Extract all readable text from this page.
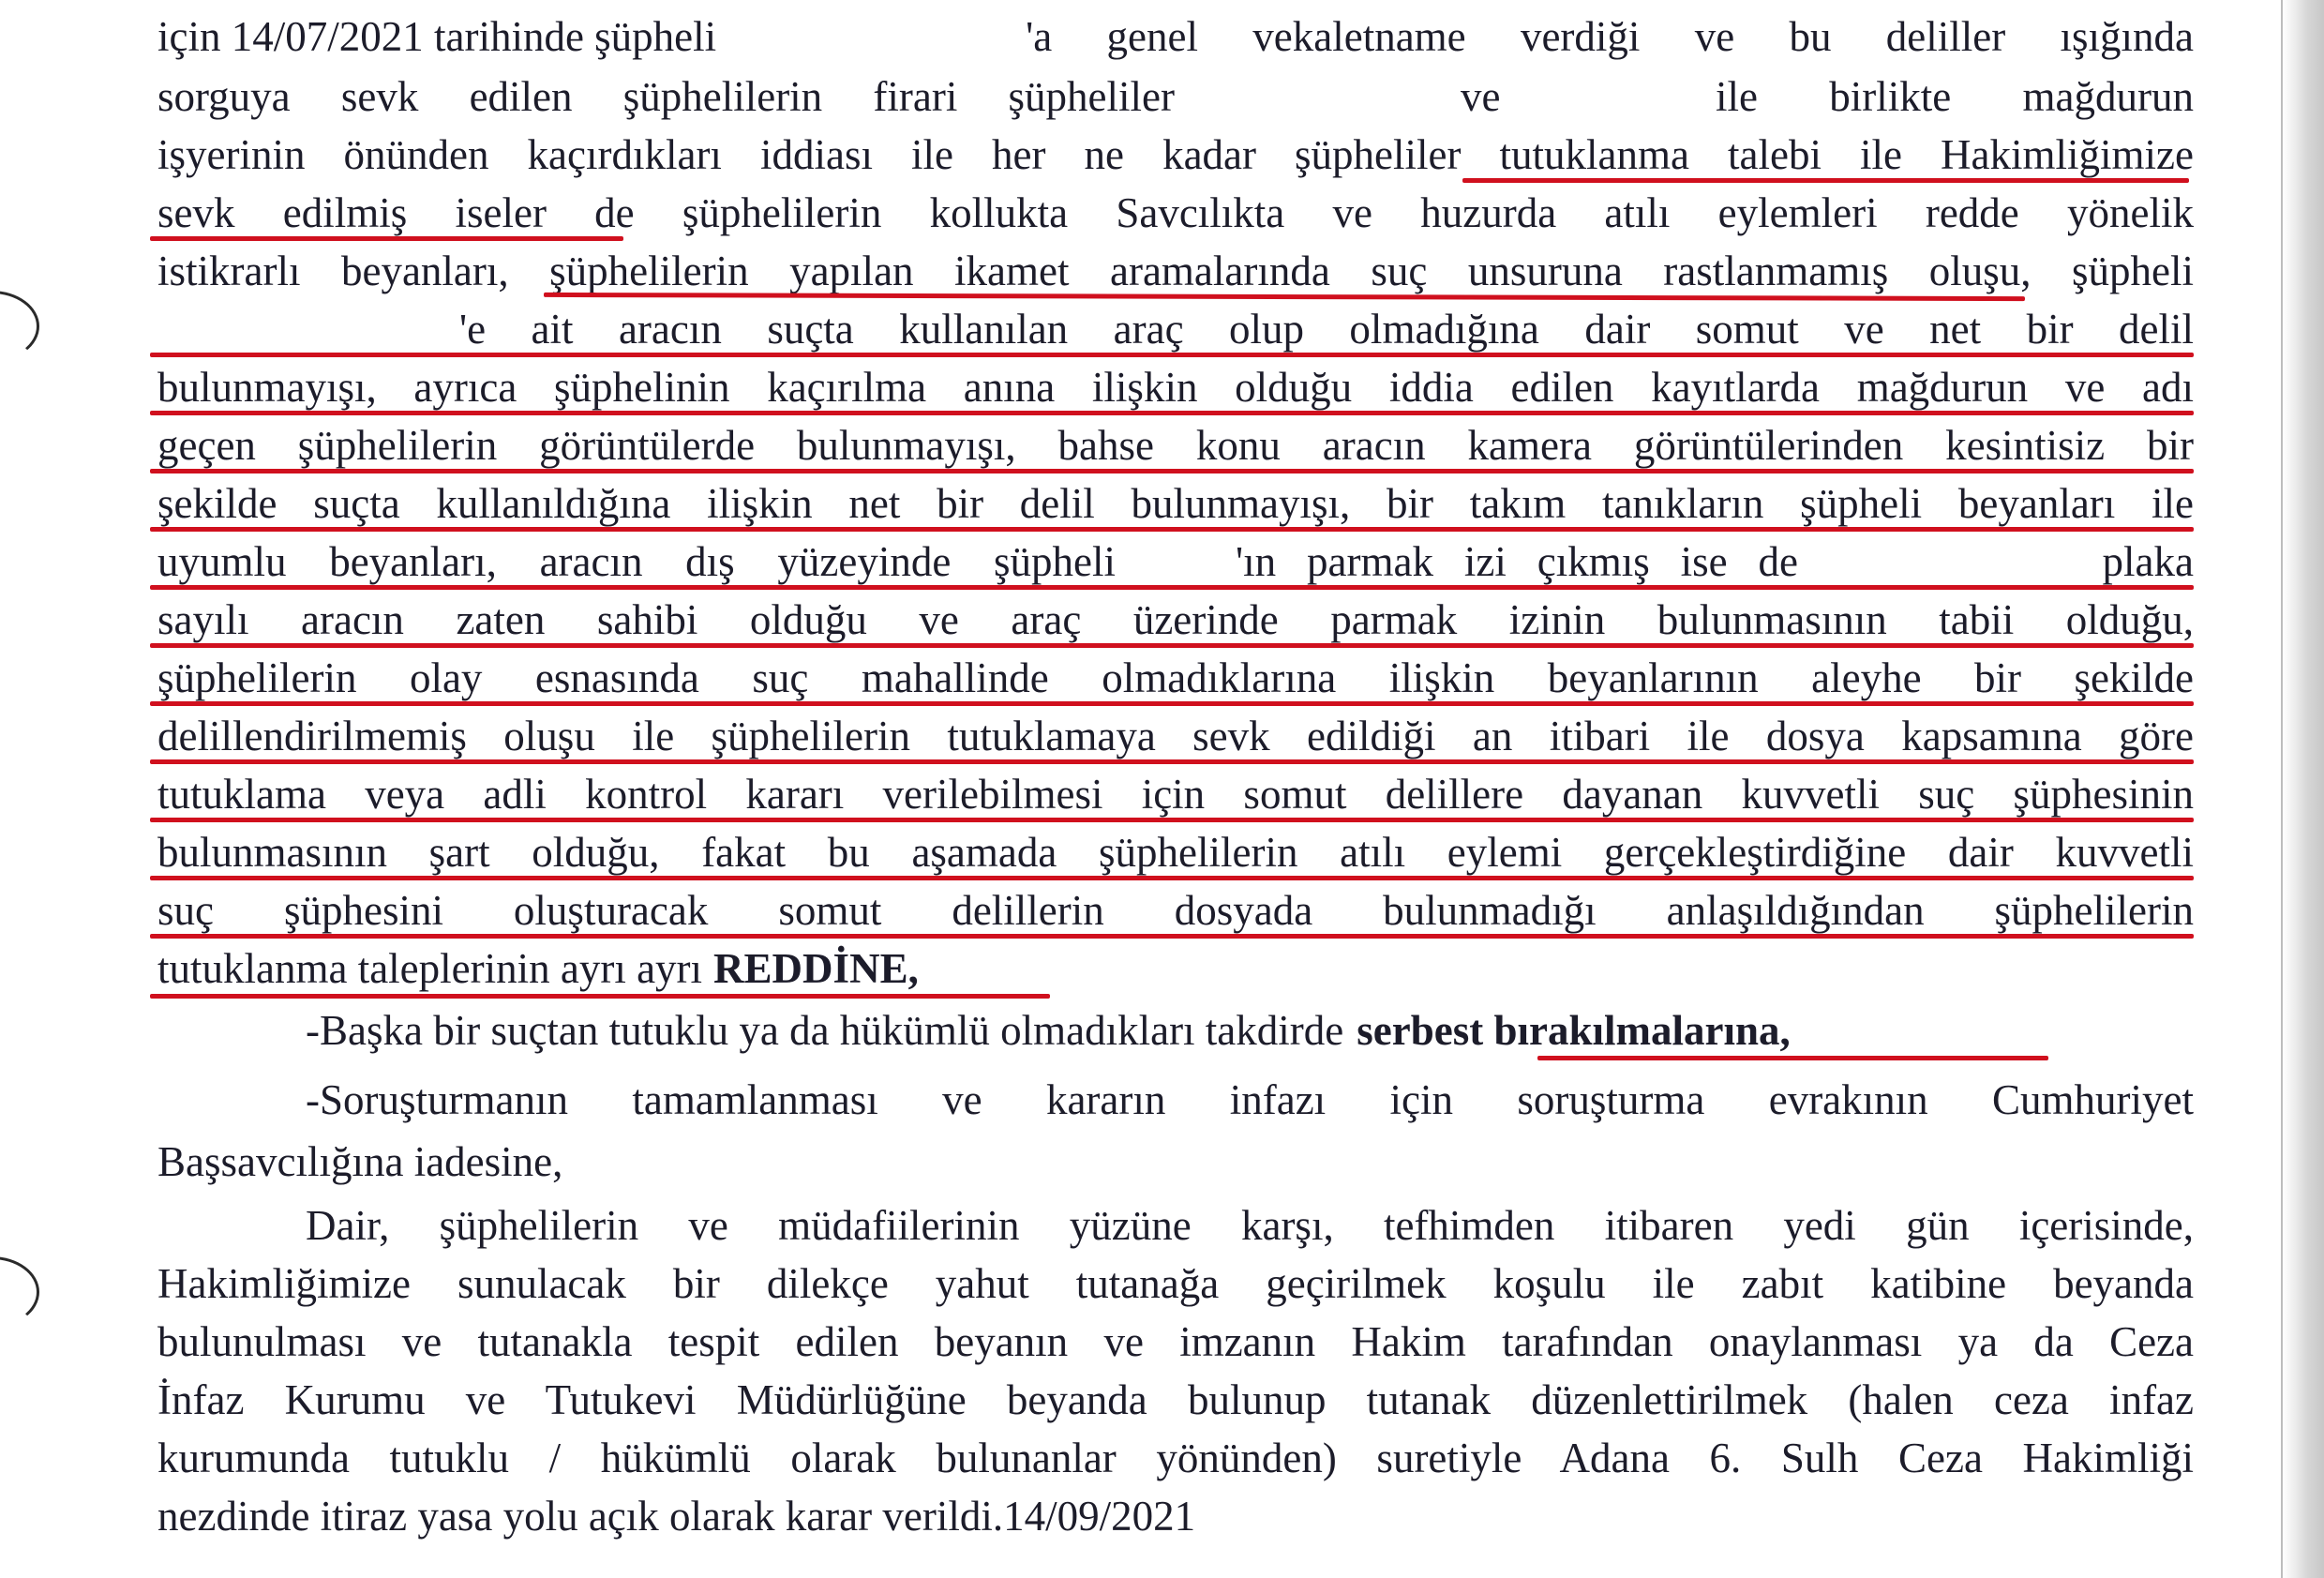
için 14/07/2021 tarihinde şüpheli	'a genel vekaletname verdiği ve bu deliller ışığında
sorguya sevk edilen şüphelilerin firari şüpheliler	ve	ile birlikte mağdurun
işyerinin önünden kaçırdıkları iddiası ile her ne kadar şüpheliler tutuklanma talebi ile Hakimliğimize
sevk edilmiş iseler de şüphelilerin kollukta Savcılıkta ve huzurda atılı eylemleri redde yönelik
istikrarlı beyanları, şüphelilerin yapılan ikamet aramalarında suç unsuruna rastlanmamış oluşu, şüpheli
'e ait aracın suçta kullanılan araç olup olmadığına dair somut ve net bir delil
bulunmayışı, ayrıca şüphelinin kaçırılma anına ilişkin olduğu iddia edilen kayıtlarda mağdurun ve adı
geçen şüphelilerin görüntülerde bulunmayışı, bahse konu aracın kamera görüntülerinden kesintisiz bir
şekilde suçta kullanıldığına ilişkin net bir delil bulunmayışı, bir takım tanıkların şüpheli beyanları ile
uyumlu beyanları, aracın dış yüzeyinde şüpheli	'ın parmak izi çıkmış ise de	plaka
sayılı aracın zaten sahibi olduğu ve araç üzerinde parmak izinin bulunmasının tabii olduğu,
şüphelilerin olay esnasında suç mahallinde olmadıklarına ilişkin beyanlarının aleyhe bir şekilde
delillendirilmemiş oluşu ile şüphelilerin tutuklamaya sevk edildiği an itibari ile dosya kapsamına göre
tutuklama veya adli kontrol kararı verilebilmesi için somut delillere dayanan kuvvetli suç şüphesinin
bulunmasının şart olduğu, fakat bu aşamada şüphelilerin atılı eylemi gerçekleştirdiğine dair kuvvetli
suç şüphesini oluşturacak somut delillerin dosyada bulunmadığı anlaşıldığından şüphelilerin
tutuklanma taleplerinin ayrı ayrı REDDİNE,
-Başka bir suçtan tutuklu ya da hükümlü olmadıkları takdirde serbest bırakılmalarına,
-Soruşturmanın tamamlanması ve kararın infazı için soruşturma evrakının Cumhuriyet
Başsavcılığına iadesine,
Dair, şüphelilerin ve müdafiilerinin yüzüne karşı, tefhimden itibaren yedi gün içerisinde,
Hakimliğimize sunulacak bir dilekçe yahut tutanağa geçirilmek koşulu ile zabıt katibine beyanda
bulunulması ve tutanakla tespit edilen beyanın ve imzanın Hakim tarafından onaylanması ya da Ceza
İnfaz Kurumu ve Tutukevi Müdürlüğüne beyanda bulunup tutanak düzenlettirilmek (halen ceza infaz
kurumunda tutuklu / hükümlü olarak bulunanlar yönünden) suretiyle Adana 6. Sulh Ceza Hakimliği
nezdinde itiraz yasa yolu açık olarak karar verildi.14/09/2021
